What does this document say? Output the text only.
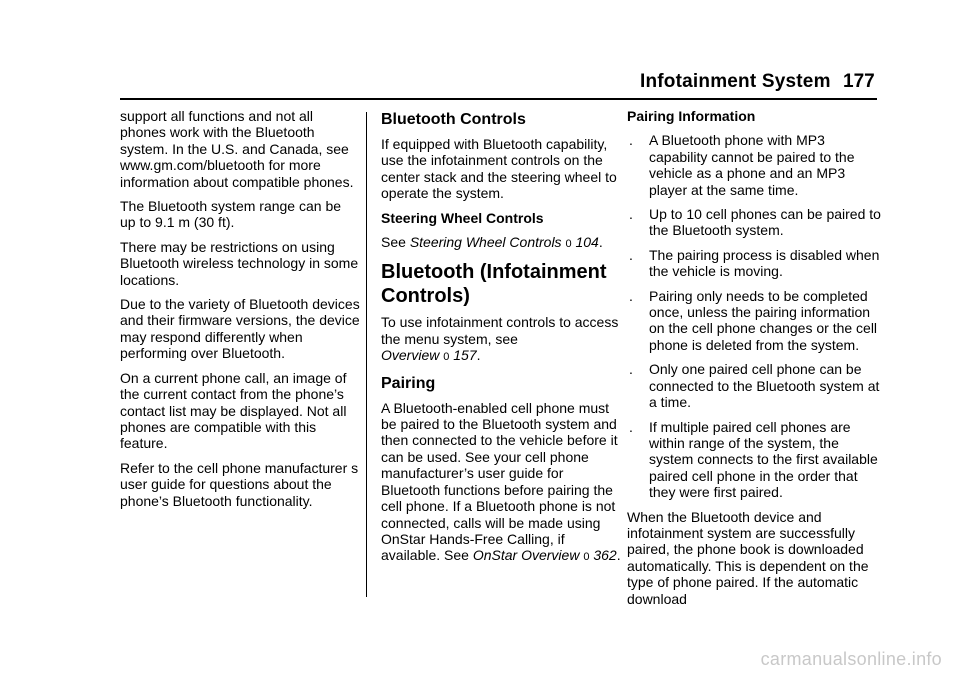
Infotainment System 177

support all functions and not all phones work with the Bluetooth system. In the U.S. and Canada, see www.gm.com/bluetooth for more information about compatible phones.

The Bluetooth system range can be up to 9.1 m (30 ft).

There may be restrictions on using Bluetooth wireless technology in some locations.

Due to the variety of Bluetooth devices and their firmware versions, the device may respond differently when performing over Bluetooth.

On a current phone call, an image of the current contact from the phone’s contact list may be displayed. Not all phones are compatible with this feature.

Refer to the cell phone manufacturer s user guide for questions about the phone’s Bluetooth functionality.

Bluetooth Controls

If equipped with Bluetooth capability, use the infotainment controls on the center stack and the steering wheel to operate the system.

Steering Wheel Controls

See Steering Wheel Controls 0 104.

Bluetooth (Infotainment Controls)

To use infotainment controls to access the menu system, see
Overview 0 157.

Pairing

A Bluetooth-enabled cell phone must be paired to the Bluetooth system and then connected to the vehicle before it can be used. See your cell phone manufacturer’s user guide for Bluetooth functions before pairing the cell phone. If a Bluetooth phone is not connected, calls will be made using OnStar Hands-Free Calling, if available. See OnStar Overview 0 362.

Pairing Information
. A Bluetooth phone with MP3 capability cannot be paired to the vehicle as a phone and an MP3 player at the same time.
. Up to 10 cell phones can be paired to the Bluetooth system.
. The pairing process is disabled when the vehicle is moving.
. Pairing only needs to be completed once, unless the pairing information on the cell phone changes or the cell phone is deleted from the system.
. Only one paired cell phone can be connected to the Bluetooth system at a time.
. If multiple paired cell phones are within range of the system, the system connects to the first available paired cell phone in the order that they were first paired.

When the Bluetooth device and infotainment system are successfully paired, the phone book is downloaded automatically. This is dependent on the type of phone paired. If the automatic download

carmanualsonline.info
